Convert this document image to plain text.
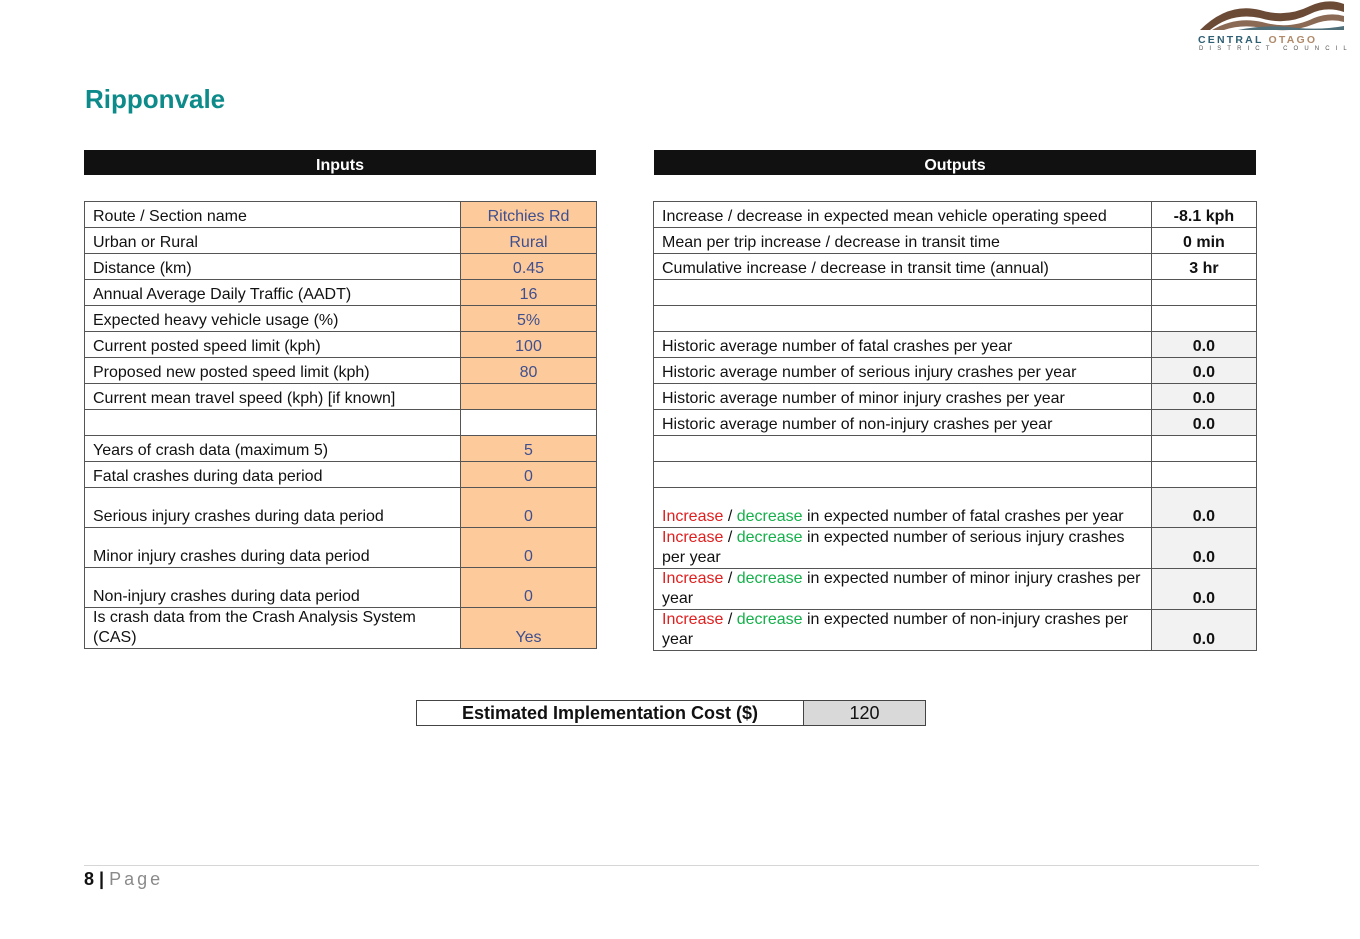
CENTRAL OTAGO
DISTRICT COUNCIL
Ripponvale
Inputs	Outputs
Route / Section name	Ritchies Rd
Urban or Rural	Rural
Distance (km)	0.45
Annual Average Daily Traffic (AADT)	16
Expected heavy vehicle usage (%)	5%
Current posted speed limit (kph)	100
Proposed new posted speed limit (kph)	80
Current mean travel speed (kph) [if known]	

Years of crash data (maximum 5)	5
Fatal crashes during data period	0
Serious injury crashes during data period	0
Minor injury crashes during data period	0
Non-injury crashes during data period	0
Is crash data from the Crash Analysis System (CAS)	Yes
Increase / decrease in expected mean vehicle operating speed	-8.1 kph
Mean per trip increase / decrease in transit time	0 min
Cumulative increase / decrease in transit time (annual)	3 hr

Historic average number of fatal crashes per year	0.0
Historic average number of serious injury crashes per year	0.0
Historic average number of minor injury crashes per year	0.0
Historic average number of non-injury crashes per year	0.0

Increase / decrease in expected number of fatal crashes per year	0.0
Increase / decrease in expected number of serious injury crashes per year	0.0
Increase / decrease in expected number of minor injury crashes per year	0.0
Increase / decrease in expected number of non-injury crashes per year	0.0
Estimated Implementation Cost ($)	120
8 | Page
